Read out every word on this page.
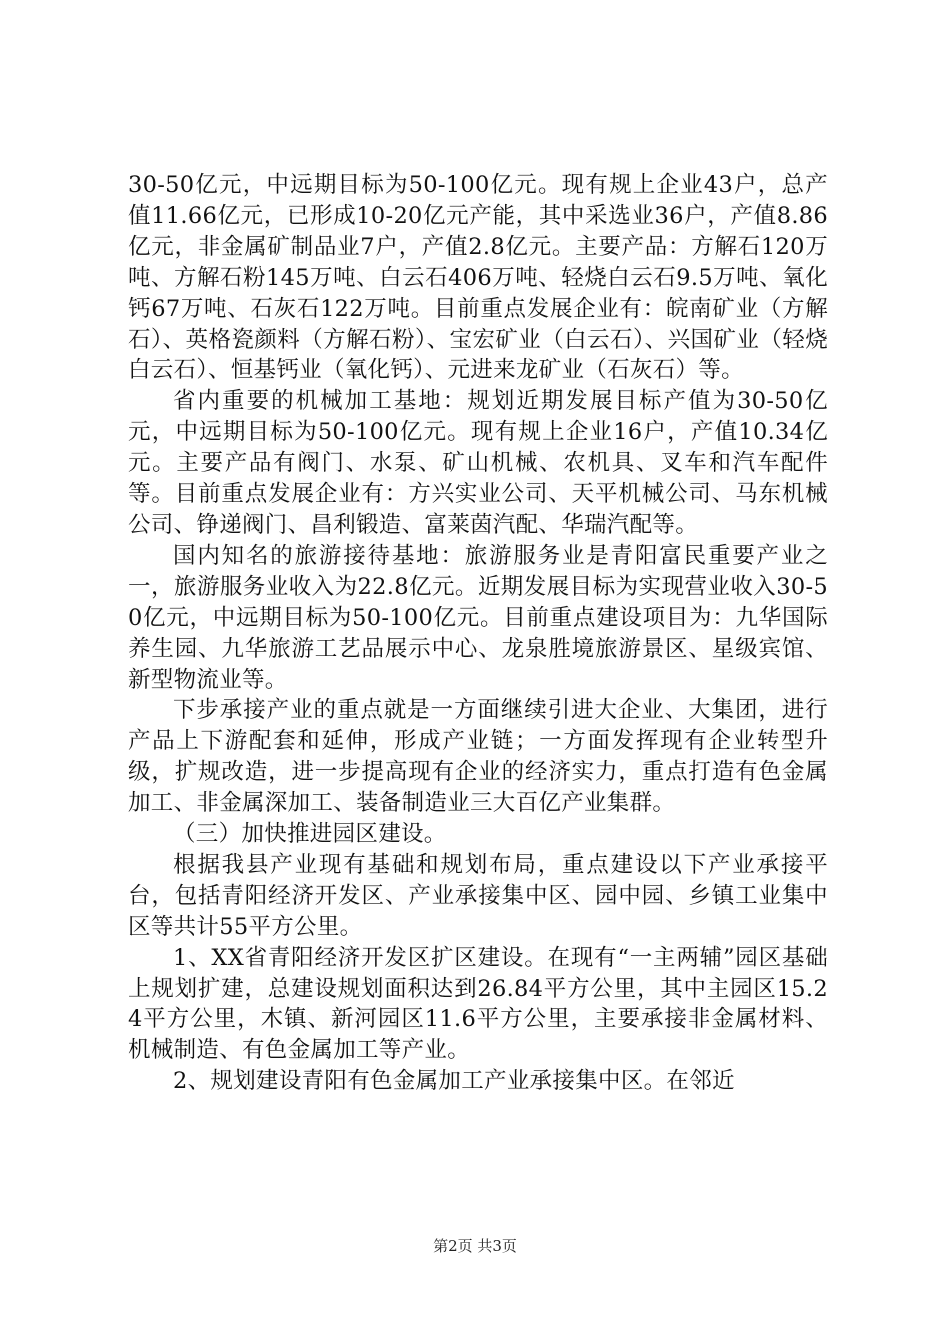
30-50亿元，中远期目标为50-100亿元。现有规上企业43户，总产值11.66亿元，已形成10-20亿元产能，其中采选业36户，产值8.86亿元，非金属矿制品业7户，产值2.8亿元。主要产品：方解石120万吨、方解石粉145万吨、白云石406万吨、轻烧白云石9.5万吨、氧化钙67万吨、石灰石122万吨。目前重点发展企业有：皖南矿业（方解石）、英格瓷颜料（方解石粉）、宝宏矿业（白云石）、兴国矿业（轻烧白云石）、恒基钙业（氧化钙）、元进来龙矿业（石灰石）等。

省内重要的机械加工基地：规划近期发展目标产值为30-50亿元，中远期目标为50-100亿元。现有规上企业16户，产值10.34亿元。主要产品有阀门、水泵、矿山机械、农机具、叉车和汽车配件等。目前重点发展企业有：方兴实业公司、天平机械公司、马东机械公司、铮递阀门、昌利锻造、富莱茵汽配、华瑞汽配等。

国内知名的旅游接待基地：旅游服务业是青阳富民重要产业之一，旅游服务业收入为22.8亿元。近期发展目标为实现营业收入30-50亿元，中远期目标为50-100亿元。目前重点建设项目为：九华国际养生园、九华旅游工艺品展示中心、龙泉胜境旅游景区、星级宾馆、新型物流业等。

下步承接产业的重点就是一方面继续引进大企业、大集团，进行产品上下游配套和延伸，形成产业链；一方面发挥现有企业转型升级，扩规改造，进一步提高现有企业的经济实力，重点打造有色金属加工、非金属深加工、装备制造业三大百亿产业集群。

（三）加快推进园区建设。

根据我县产业现有基础和规划布局，重点建设以下产业承接平台，包括青阳经济开发区、产业承接集中区、园中园、乡镇工业集中区等共计55平方公里。

1、XX省青阳经济开发区扩区建设。在现有“一主两辅”园区基础上规划扩建，总建设规划面积达到26.84平方公里，其中主园区15.24平方公里，木镇、新河园区11.6平方公里，主要承接非金属材料、机械制造、有色金属加工等产业。

2、规划建设青阳有色金属加工产业承接集中区。在邻近

第2页 共3页
